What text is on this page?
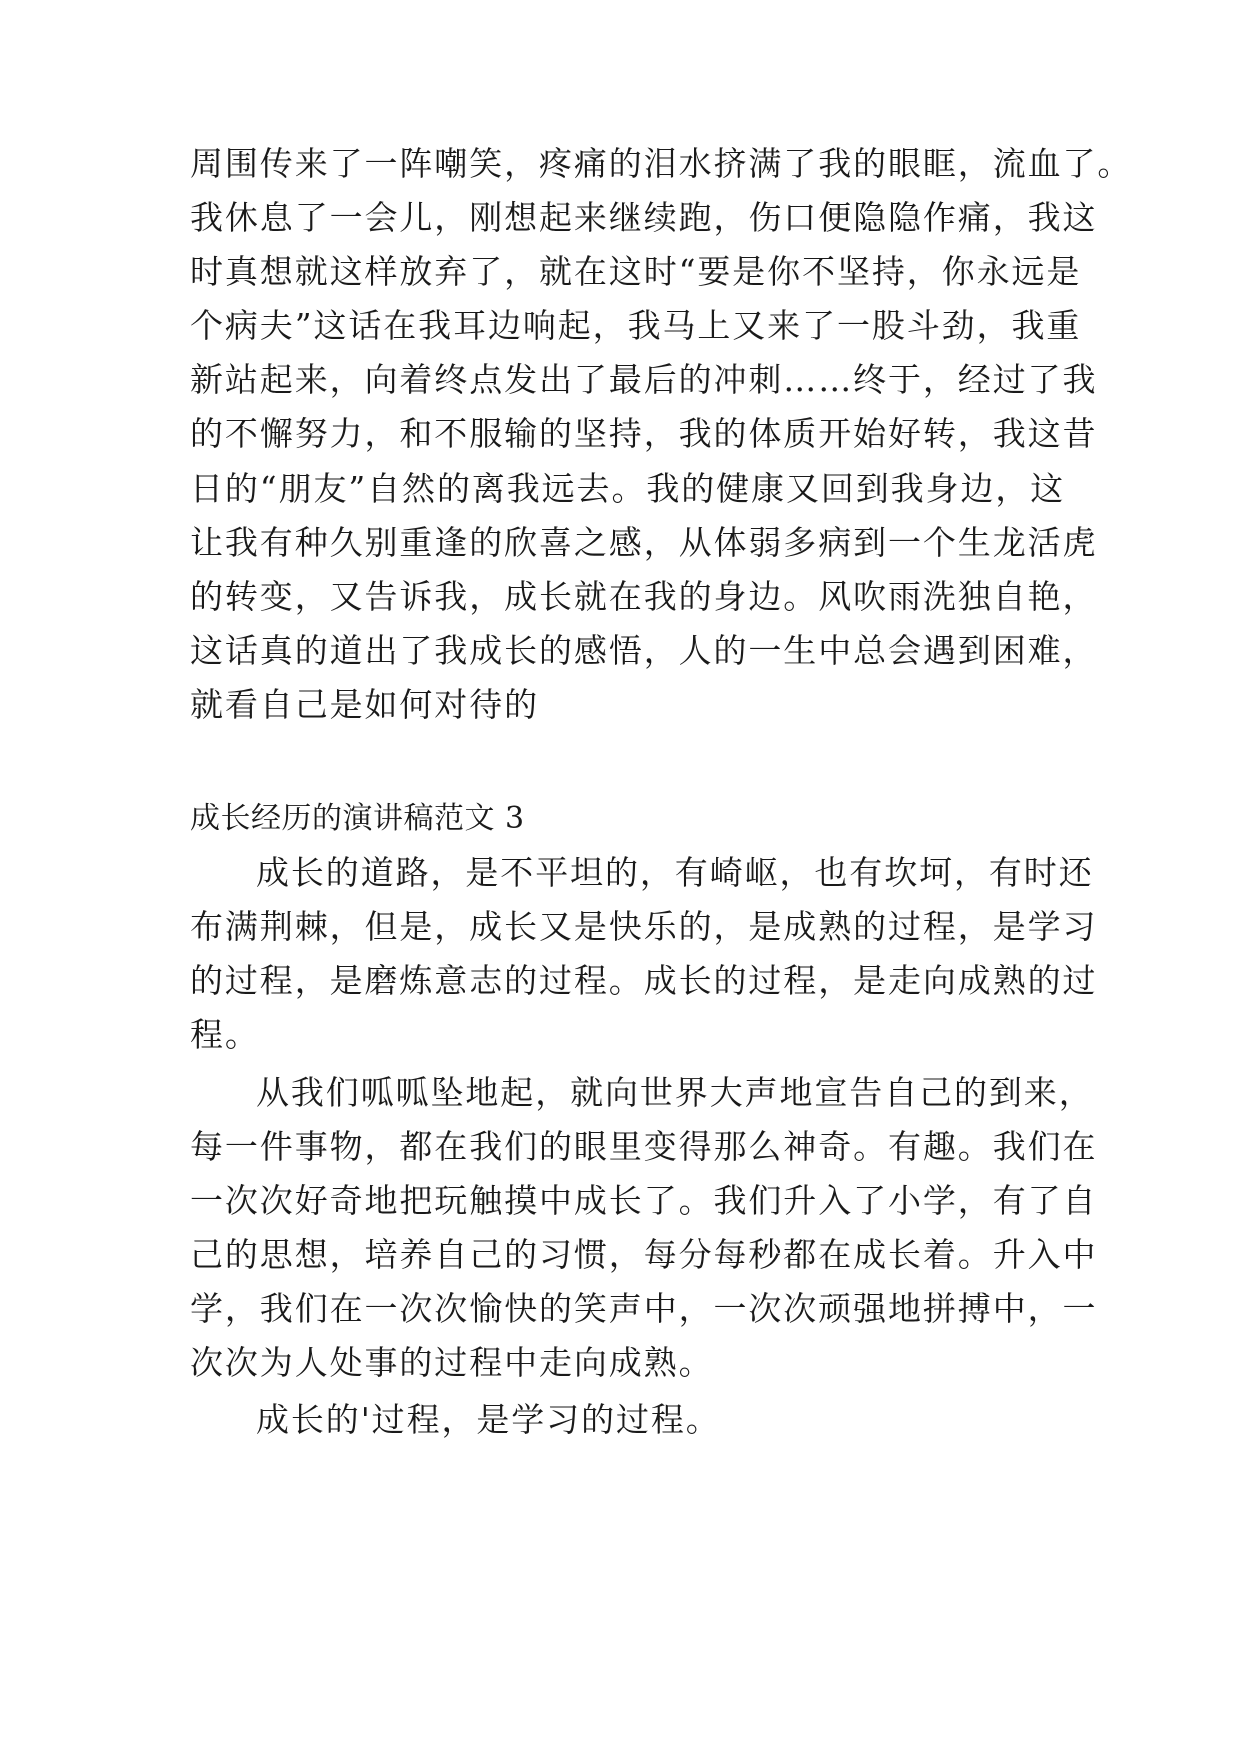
周围传来了一阵嘲笑，疼痛的泪水挤满了我的眼眶，流血了。
我休息了一会儿，刚想起来继续跑，伤口便隐隐作痛，我这
时真想就这样放弃了，就在这时“要是你不坚持，你永远是
个病夫”这话在我耳边响起，我马上又来了一股斗劲，我重
新站起来，向着终点发出了最后的冲刺……终于，经过了我
的不懈努力，和不服输的坚持，我的体质开始好转，我这昔
日的“朋友”自然的离我远去。我的健康又回到我身边，这
让我有种久别重逢的欣喜之感，从体弱多病到一个生龙活虎
的转变，又告诉我，成长就在我的身边。风吹雨洗独自艳，
这话真的道出了我成长的感悟，人的一生中总会遇到困难，
就看自己是如何对待的
成长经历的演讲稿范文 3
成长的道路，是不平坦的，有崎岖，也有坎坷，有时还
布满荆棘，但是，成长又是快乐的，是成熟的过程，是学习
的过程，是磨炼意志的过程。成长的过程，是走向成熟的过
程。
从我们呱呱坠地起，就向世界大声地宣告自己的到来，
每一件事物，都在我们的眼里变得那么神奇。有趣。我们在
一次次好奇地把玩触摸中成长了。我们升入了小学，有了自
己的思想，培养自己的习惯，每分每秒都在成长着。升入中
学，我们在一次次愉快的笑声中，一次次顽强地拼搏中，一
次次为人处事的过程中走向成熟。
成长的'过程，是学习的过程。
